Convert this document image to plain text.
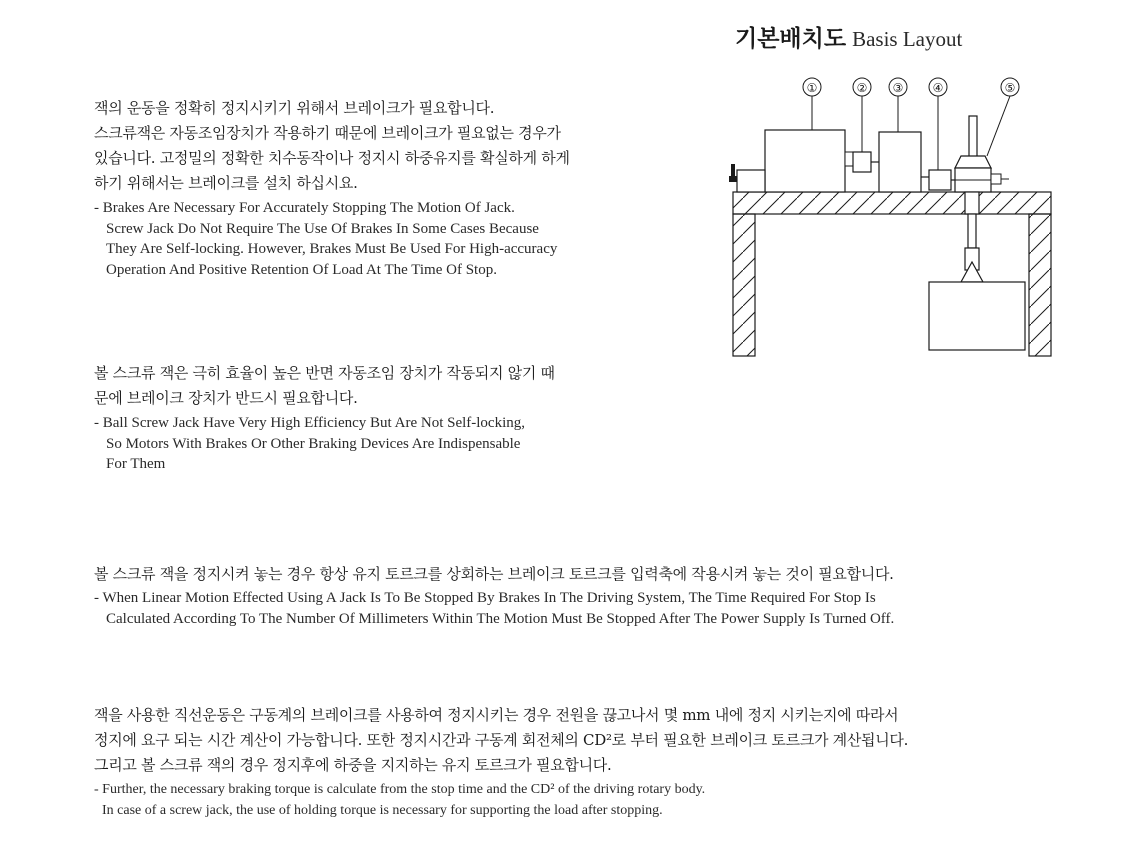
기본배치도 Basis Layout
잭의 운동을 정확히 정지시키기 위해서 브레이크가 필요합니다.
스크류잭은 자동조임장치가 작용하기 때문에 브레이크가 필요없는 경우가
있습니다. 고정밀의 정확한 치수동작이나 정지시 하중유지를 확실하게 하게
하기 위해서는 브레이크를 설치 하십시요.
- Brakes Are Necessary For Accurately Stopping The Motion Of Jack.
Screw Jack Do Not Require The Use Of Brakes In Some Cases Because
They Are Self-locking. However, Brakes Must Be Used For High-accuracy
Operation And Positive Retention Of Load At The Time Of Stop.
볼 스크류 잭은 극히 효율이 높은 반면 자동조임 장치가 작동되지 않기 때
문에 브레이크 장치가 반드시 필요합니다.
- Ball Screw Jack Have Very High Efficiency But Are Not Self-locking,
So Motors With Brakes Or Other Braking Devices Are Indispensable
For Them
볼 스크류 잭을 정지시켜 놓는 경우 항상 유지 토르크를 상회하는 브레이크 토르크를 입력축에 작용시켜 놓는 것이 필요합니다.
- When Linear Motion Effected Using A Jack Is To Be Stopped By Brakes In The Driving System, The Time Required For Stop Is
Calculated According To The Number Of Millimeters Within The Motion Must Be Stopped After The Power Supply Is Turned Off.
잭을 사용한 직선운동은 구동계의 브레이크를 사용하여 정지시키는 경우 전원을 끊고나서 몇 mm 내에 정지 시키는지에 따라서
정지에 요구 되는 시간 계산이 가능합니다. 또한 정지시간과 구동계 회전체의 CD²로 부터 필요한 브레이크 토르크가 계산됩니다.
그리고 볼 스크류 잭의 경우 정지후에 하중을 지지하는 유지 토르크가 필요합니다.
- Further, the necessary braking torque is calculate from the stop time and the CD² of the driving rotary body.
In case of a screw jack, the use of holding torque is necessary for supporting the load after stopping.
①	② ③ ④	⑤
